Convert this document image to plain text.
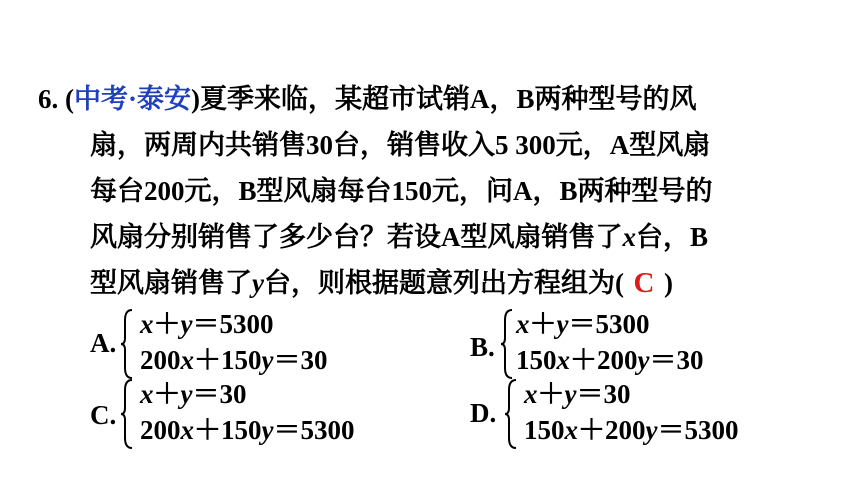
6. (中考·泰安)夏季来临，某超市试销A，B两种型号的风
扇，两周内共销售30台，销售收入5 300元，A型风扇
每台200元，B型风扇每台150元，问A，B两种型号的
风扇分别销售了多少台？若设A型风扇销售了x台，B
型风扇销售了y台，则根据题意列出方程组为( C )
A.
x＋y＝5300
200x＋150y＝30	B.
x＋y＝5300
150x＋200y＝30
C.
x＋y＝30
200x＋150y＝5300
D.
x＋y＝30
150x＋200y＝5300
